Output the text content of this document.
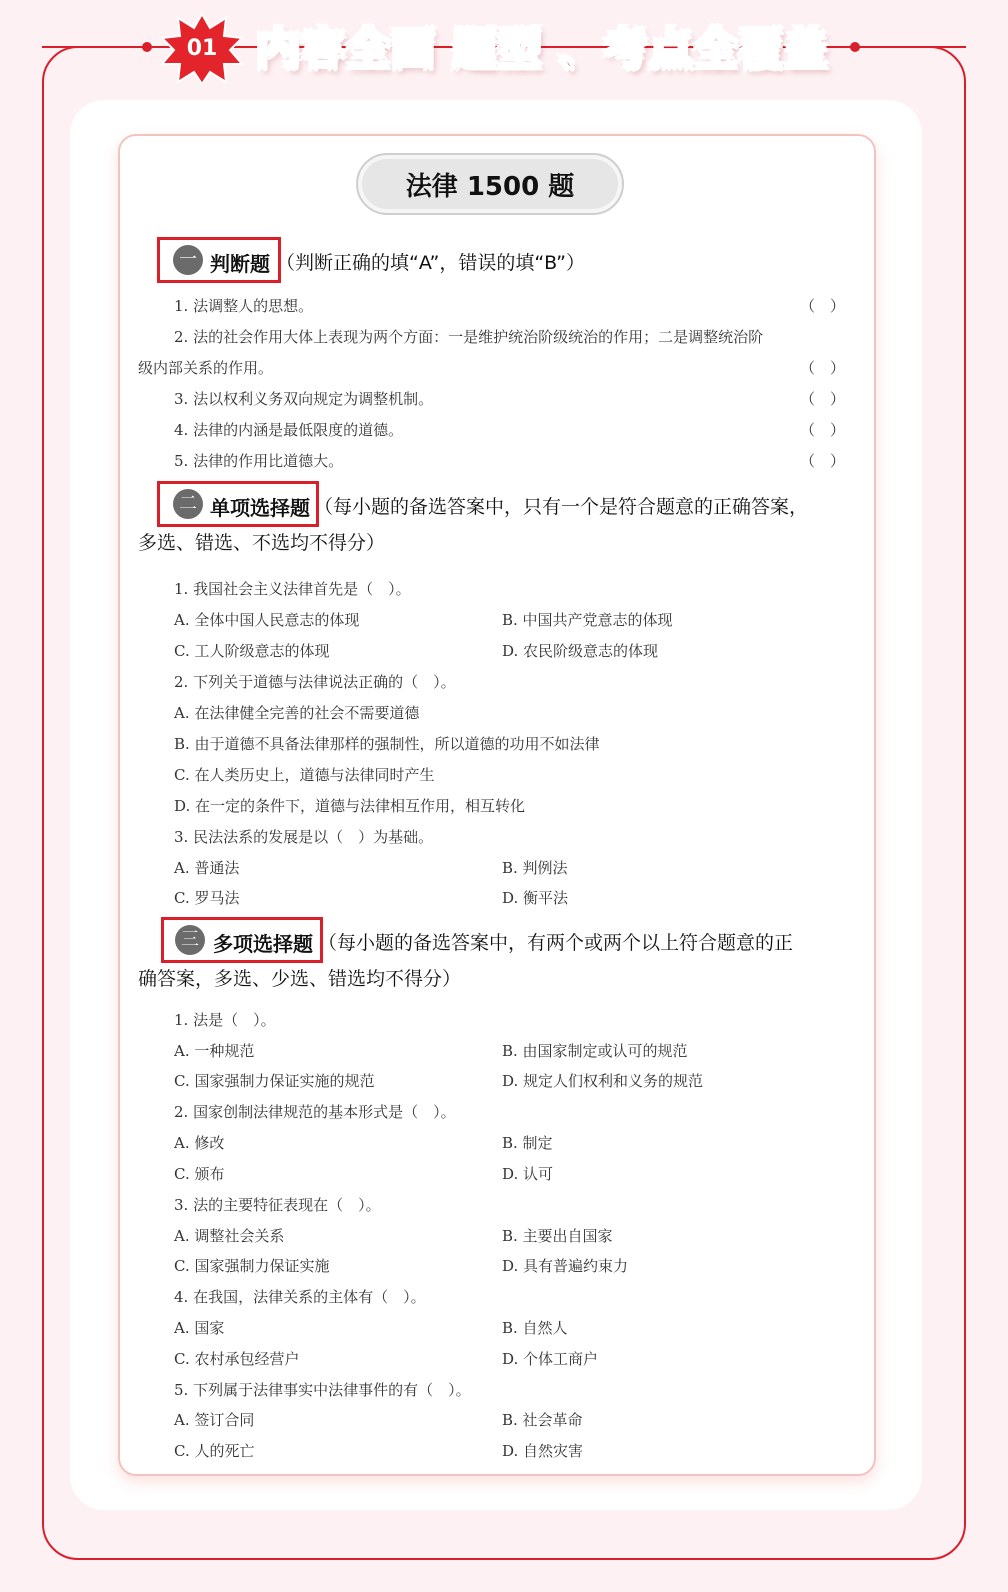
01 内容全面 题型 、考点全覆盖
法律 1500 题
一 判断题 （判断正确的填“A”，错误的填“B”）
1. 法调整人的思想。	（　）
2. 法的社会作用大体上表现为两个方面：一是维护统治阶级统治的作用；二是调整统治阶
级内部关系的作用。	（　）
3. 法以权利义务双向规定为调整机制。	（　）
4. 法律的内涵是最低限度的道德。	（　）
5. 法律的作用比道德大。	（　）
二 单项选择题 （每小题的备选答案中，只有一个是符合题意的正确答案，
多选、错选、不选均不得分）
1. 我国社会主义法律首先是（　）。
A. 全体中国人民意志的体现	B. 中国共产党意志的体现
C. 工人阶级意志的体现	D. 农民阶级意志的体现
2. 下列关于道德与法律说法正确的（　）。
A. 在法律健全完善的社会不需要道德
B. 由于道德不具备法律那样的强制性，所以道德的功用不如法律
C. 在人类历史上，道德与法律同时产生
D. 在一定的条件下，道德与法律相互作用，相互转化
3. 民法法系的发展是以（　）为基础。
A. 普通法	B. 判例法
C. 罗马法	D. 衡平法
三 多项选择题 （每小题的备选答案中，有两个或两个以上符合题意的正
确答案，多选、少选、错选均不得分）
1. 法是（　）。
A. 一种规范	B. 由国家制定或认可的规范
C. 国家强制力保证实施的规范	D. 规定人们权利和义务的规范
2. 国家创制法律规范的基本形式是（　）。
A. 修改	B. 制定
C. 颁布	D. 认可
3. 法的主要特征表现在（　）。
A. 调整社会关系	B. 主要出自国家
C. 国家强制力保证实施	D. 具有普遍约束力
4. 在我国，法律关系的主体有（　）。
A. 国家	B. 自然人
C. 农村承包经营户	D. 个体工商户
5. 下列属于法律事实中法律事件的有（　）。
A. 签订合同	B. 社会革命
C. 人的死亡	D. 自然灾害
